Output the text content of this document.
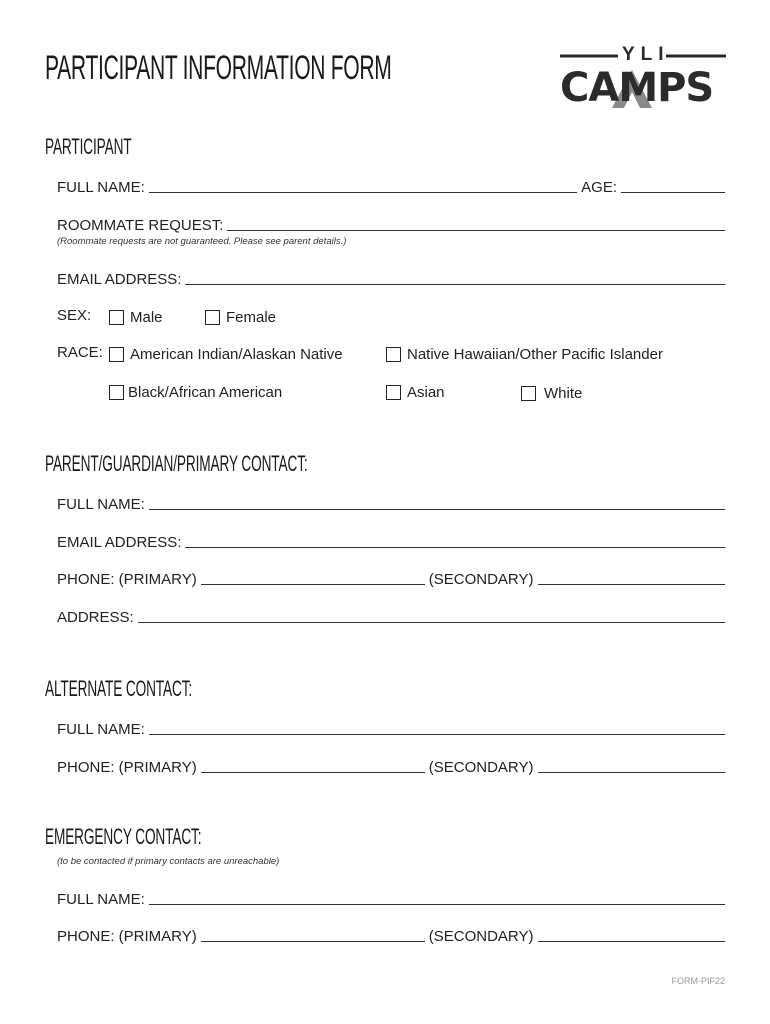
PARTICIPANT INFORMATION FORM	YLI
CAMPS
PARTICIPANT
FULL NAME:	AGE:
ROOMMATE REQUEST:
(Roommate requests are not guaranteed. Please see parent details.)
EMAIL ADDRESS:
SEX:	Male	Female
RACE: American Indian/Alaskan Native	Native Hawaiian/Other Pacific Islander
Black/African American	Asian	White
PARENT/GUARDIAN/PRIMARY CONTACT:
FULL NAME:
EMAIL ADDRESS:
PHONE: (PRIMARY)	(SECONDARY)
ADDRESS:
ALTERNATE CONTACT:
FULL NAME:
PHONE: (PRIMARY)	(SECONDARY)
EMERGENCY CONTACT:
(to be contacted if primary contacts are unreachable)
FULL NAME:
PHONE: (PRIMARY)	(SECONDARY)
FORM-PIF22
